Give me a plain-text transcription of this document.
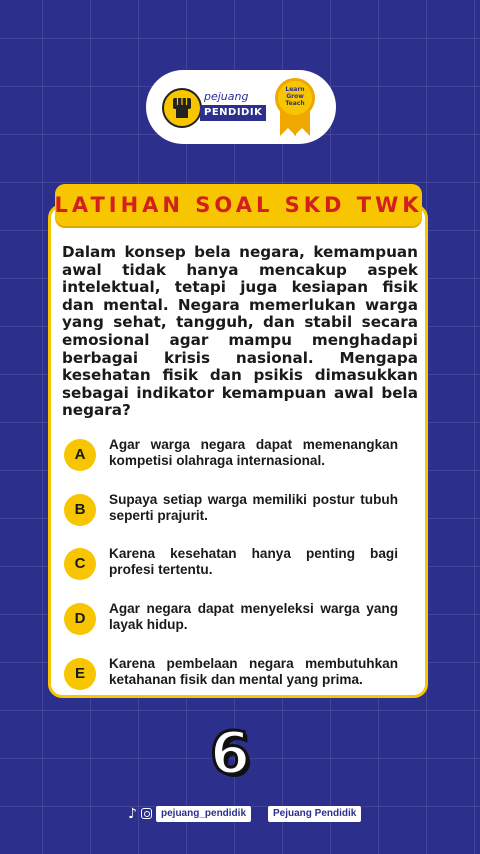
pejuang
PENDIDIK
Learn Grow Teach
LATIHAN SOAL SKD TWK
Dalam konsep bela negara, kemampuan awal tidak hanya mencakup aspek intelektual, tetapi juga kesiapan fisik dan mental. Negara memerlukan warga yang sehat, tangguh, dan stabil secara emosional agar mampu menghadapi berbagai krisis nasional. Mengapa kesehatan fisik dan psikis dimasukkan sebagai indikator kemampuan awal bela negara?
A
Agar warga negara dapat memenangkan kompetisi olahraga internasional.
B
Supaya setiap warga memiliki postur tubuh seperti prajurit.
C
Karena kesehatan hanya penting bagi profesi tertentu.
D
Agar negara dapat menyeleksi warga yang layak hidup.
E
Karena pembelaan negara membutuhkan ketahanan fisik dan mental yang prima.
6
♪	pejuang_pendidik	Pejuang Pendidik
